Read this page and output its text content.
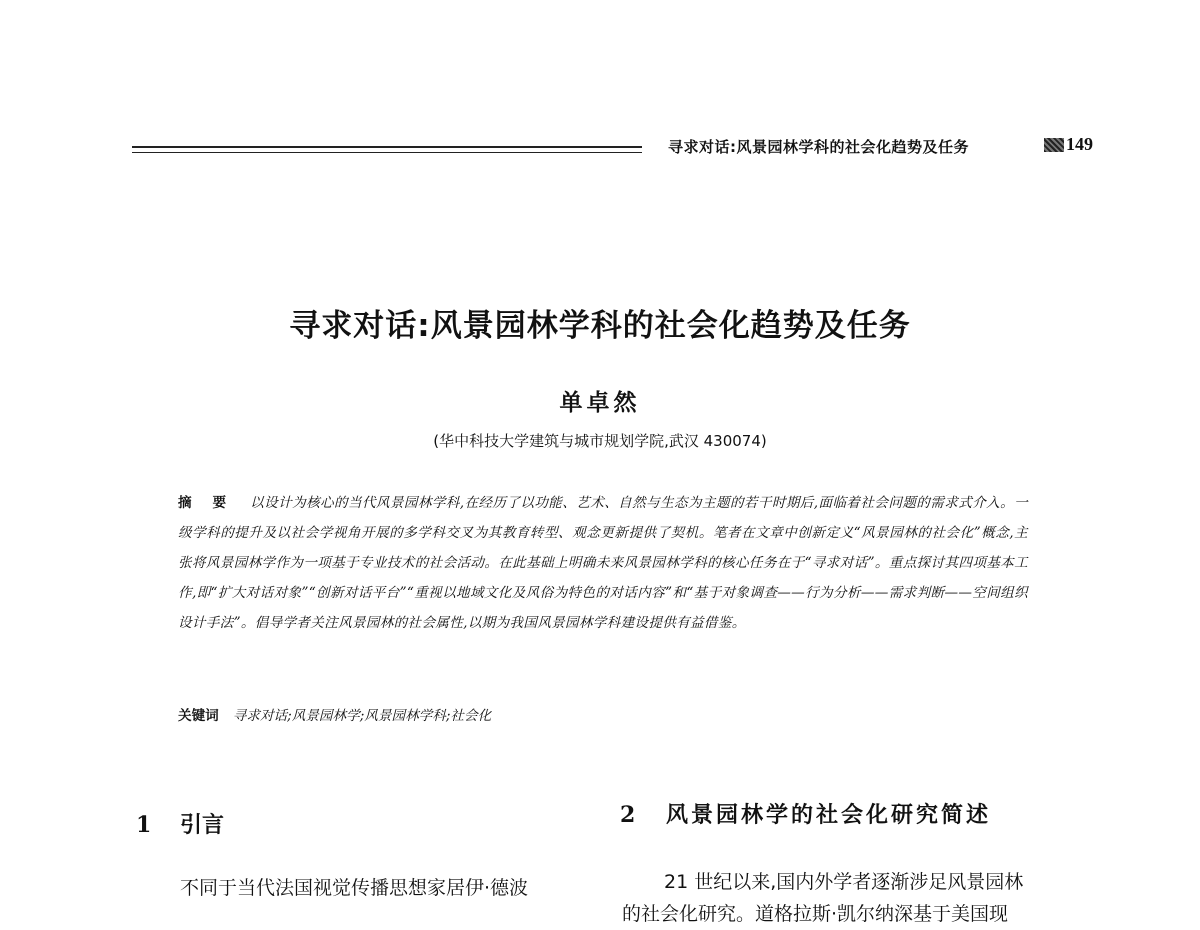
寻求对话:风景园林学科的社会化趋势及任务	149
寻求对话:风景园林学科的社会化趋势及任务
单卓然
(华中科技大学建筑与城市规划学院,武汉 430074)
摘 要 以设计为核心的当代风景园林学科,在经历了以功能、艺术、自然与生态为主题的若干时期后,面临着社会问题的需求式介入。一级学科的提升及以社会学视角开展的多学科交叉为其教育转型、观念更新提供了契机。笔者在文章中创新定义“风景园林的社会化”概念,主张将风景园林学作为一项基于专业技术的社会活动。在此基础上明确未来风景园林学科的核心任务在于“寻求对话”。重点探讨其四项基本工作,即“扩大对话对象”“创新对话平台”“重视以地域文化及风俗为特色的对话内容”和“基于对象调查——行为分析——需求判断——空间组织设计手法”。倡导学者关注风景园林的社会属性,以期为我国风景园林学科建设提供有益借鉴。
关键词 寻求对话;风景园林学;风景园林学科;社会化
1 引言	2 风景园林学的社会化研究简述
不同于当代法国视觉传播思想家居伊·德波	21 世纪以来,国内外学者逐渐涉足风景园林
的社会化研究。道格拉斯·凯尔纳深基于美国现
